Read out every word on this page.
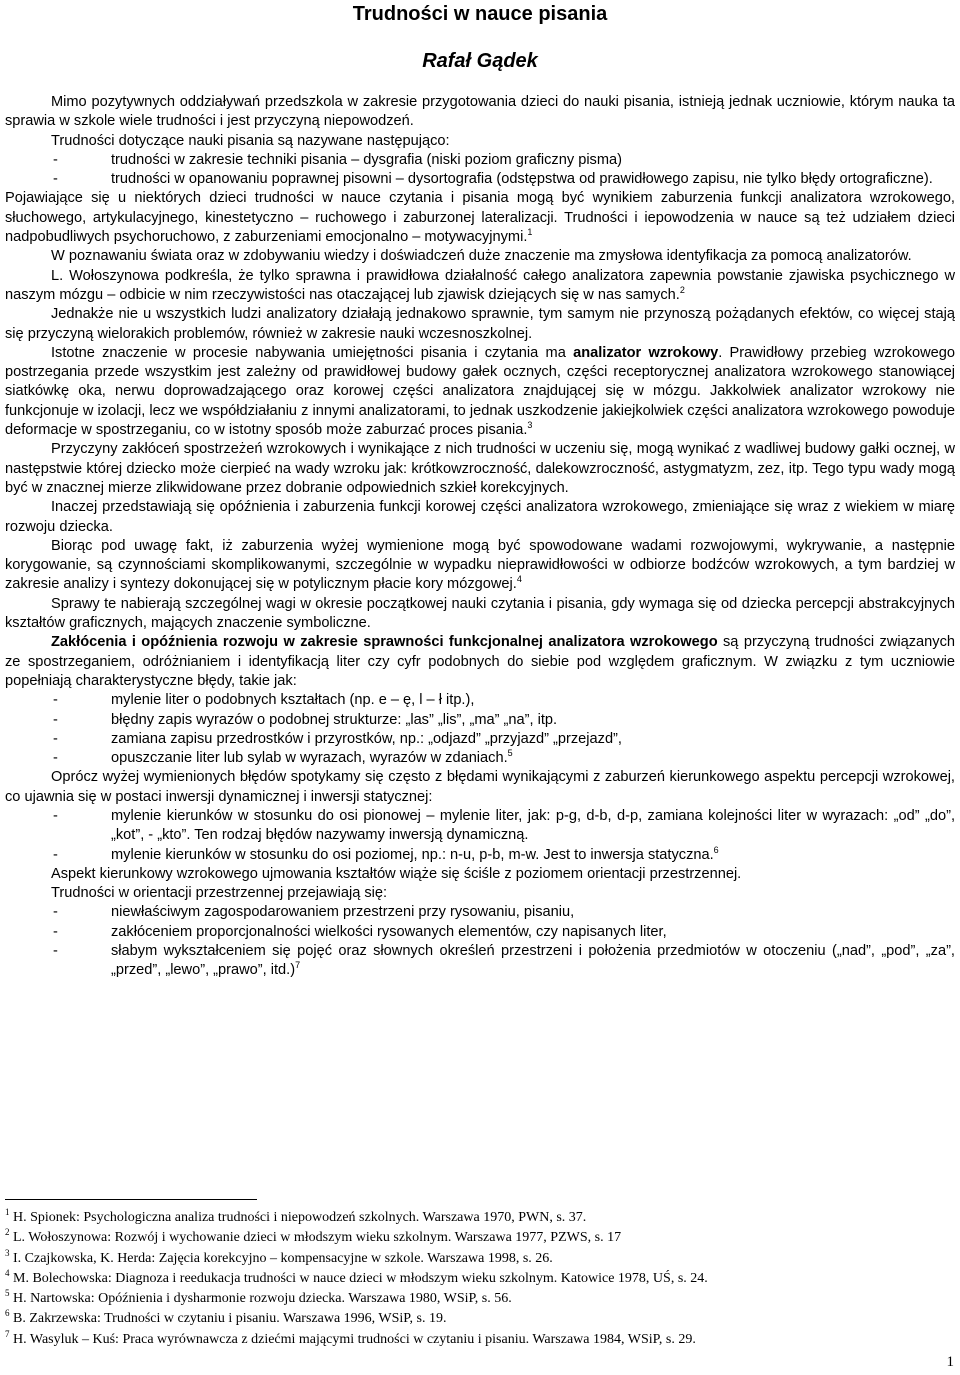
Trudności w nauce pisania
Rafał Gądek

Mimo pozytywnych oddziaływań przedszkola w zakresie przygotowania dzieci do nauki pisania, istnieją jednak uczniowie, którym nauka ta sprawia w szkole wiele trudności i jest przyczyną niepowodzeń.

Trudności dotyczące nauki pisania są nazywane następująco:

-	trudności w zakresie techniki pisania – dysgrafia (niski poziom graficzny pisma)
-	trudności w opanowaniu poprawnej pisowni – dysortografia (odstępstwa od prawidłowego zapisu, nie tylko błędy ortograficzne).

Pojawiające się u niektórych dzieci trudności w nauce czytania i pisania mogą być wynikiem zaburzenia funkcji analizatora wzrokowego, słuchowego, artykulacyjnego, kinestetyczno – ruchowego i zaburzonej lateralizacji. Trudności i iepowodzenia w nauce są też udziałem dzieci nadpobudliwych psychoruchowo, z zaburzeniami emocjonalno – motywacyjnymi.$^1$

W poznawaniu świata oraz w zdobywaniu wiedzy i doświadczeń duże znaczenie ma zmysłowa identyfikacja za pomocą analizatorów.

L. Wołoszynowa podkreśla, że tylko sprawna i prawidłowa działalność całego analizatora zapewnia powstanie zjawiska psychicznego w naszym mózgu – odbicie w nim rzeczywistości nas otaczającej lub zjawisk dziejących się w nas samych.$^2$

Jednakże nie u wszystkich ludzi analizatory działają jednakowo sprawnie, tym samym nie przynoszą pożądanych efektów, co więcej stają się przyczyną wielorakich problemów, również w zakresie nauki wczesnoszkolnej.

Istotne znaczenie w procesie nabywania umiejętności pisania i czytania ma analizator wzrokowy. Prawidłowy przebieg wzrokowego postrzegania przede wszystkim jest zależny od prawidłowej budowy gałek ocznych, części receptorycznej analizatora wzrokowego stanowiącej siatkówkę oka, nerwu doprowadzającego oraz korowej części analizatora znajdującej się w mózgu. Jakkolwiek analizator wzrokowy nie funkcjonuje w izolacji, lecz we współdziałaniu z innymi analizatorami, to jednak uszkodzenie jakiejkolwiek części analizatora wzrokowego powoduje deformacje w spostrzeganiu, co w istotny sposób może zaburzać proces pisania.$^3$

Przyczyny zakłóceń spostrzeżeń wzrokowych i wynikające z nich trudności w uczeniu się, mogą wynikać z wadliwej budowy gałki ocznej, w następstwie której dziecko może cierpieć na wady wzroku jak: krótkowzroczność, dalekowzroczność, astygmatyzm, zez, itp. Tego typu wady mogą być w znacznej mierze zlikwidowane przez dobranie odpowiednich szkieł korekcyjnych.

Inaczej przedstawiają się opóźnienia i zaburzenia funkcji korowej części analizatora wzrokowego, zmieniające się wraz z wiekiem w miarę rozwoju dziecka.

Biorąc pod uwagę fakt, iż zaburzenia wyżej wymienione mogą być spowodowane wadami rozwojowymi, wykrywanie, a następnie korygowanie, są czynnościami skomplikowanymi, szczególnie w wypadku nieprawidłowości w odbiorze bodźców wzrokowych, a tym bardziej w zakresie analizy i syntezy dokonującej się w potylicznym płacie kory mózgowej.$^4$

Sprawy te nabierają szczególnej wagi w okresie początkowej nauki czytania i pisania, gdy wymaga się od dziecka percepcji abstrakcyjnych kształtów graficznych, mających znaczenie symboliczne.

Zakłócenia i opóźnienia rozwoju w zakresie sprawności funkcjonalnej analizatora wzrokowego są przyczyną trudności związanych ze spostrzeganiem, odróżnianiem i identyfikacją liter czy cyfr podobnych do siebie pod względem graficznym. W związku z tym uczniowie popełniają charakterystyczne błędy, takie jak:

-	mylenie liter o podobnych kształtach (np. e – ę, l – ł itp.),
-	błędny zapis wyrazów o podobnej strukturze: „las” „lis”, „ma” „na”, itp.
-	zamiana zapisu przedrostków i przyrostków, np.: „odjazd” „przyjazd” „przejazd”,
-	opuszczanie liter lub sylab w wyrazach, wyrazów w zdaniach.$^5$

Oprócz wyżej wymienionych błędów spotykamy się często z błędami wynikającymi z zaburzeń kierunkowego aspektu percepcji wzrokowej, co ujawnia się w postaci inwersji dynamicznej i inwersji statycznej:

-	mylenie kierunków w stosunku do osi pionowej – mylenie liter, jak: p-g, d-b, d-p, zamiana kolejności liter w wyrazach: „od” „do”, „kot”, - „kto”. Ten rodzaj błędów nazywamy inwersją dynamiczną.
-	mylenie kierunków w stosunku do osi poziomej, np.: n-u, p-b, m-w. Jest to inwersja statyczna.$^6$

Aspekt kierunkowy wzrokowego ujmowania kształtów wiąże się ściśle z poziomem orientacji przestrzennej.

Trudności w orientacji przestrzennej przejawiają się:

-	niewłaściwym zagospodarowaniem przestrzeni przy rysowaniu, pisaniu,
-	zakłóceniem proporcjonalności wielkości rysowanych elementów, czy napisanych liter,
-	słabym wykształceniem się pojęć oraz słownych określeń przestrzeni i położenia przedmiotów w otoczeniu („nad”, „pod”, „za”, „przed”, „lewo”, „prawo”, itd.)$^7$

$^1$ H. Spionek: Psychologiczna analiza trudności i niepowodzeń szkolnych. Warszawa 1970, PWN, s. 37.

$^2$ L. Wołoszynowa: Rozwój i wychowanie dzieci w młodszym wieku szkolnym. Warszawa 1977, PZWS, s. 17

$^3$ I. Czajkowska, K. Herda: Zajęcia korekcyjno – kompensacyjne w szkole. Warszawa 1998, s. 26.

$^4$ M. Bolechowska: Diagnoza i reedukacja trudności w nauce dzieci w młodszym wieku szkolnym. Katowice 1978, UŚ, s. 24.

$^5$ H. Nartowska: Opóźnienia i dysharmonie rozwoju dziecka. Warszawa 1980, WSiP, s. 56.

$^6$ B. Zakrzewska: Trudności w czytaniu i pisaniu. Warszawa 1996, WSiP, s. 19.

$^7$ H. Wasyluk – Kuś: Praca wyrównawcza z dziećmi mającymi trudności w czytaniu i pisaniu. Warszawa 1984, WSiP, s. 29.

1
